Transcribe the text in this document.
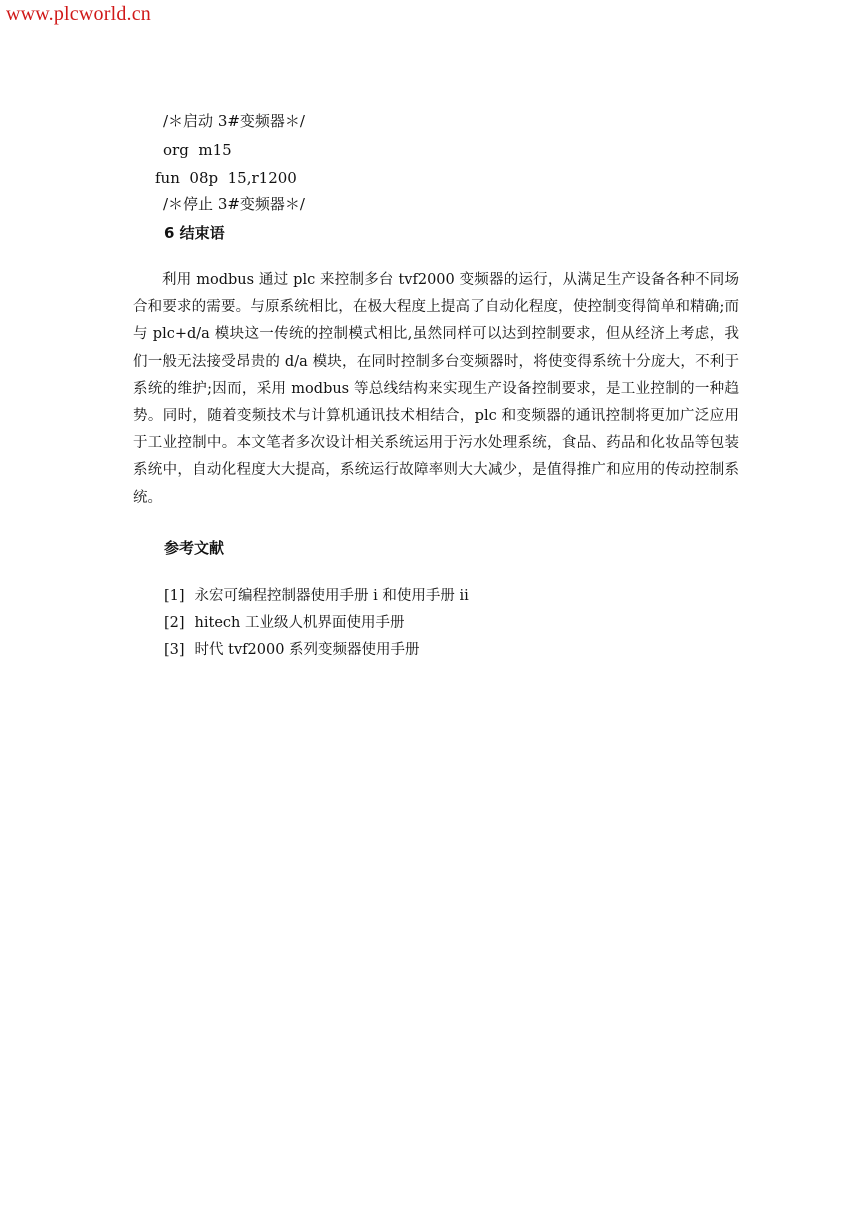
www.plcworld.cn
/＊启动 3#变频器＊/
org  m15
fun  08p  15,r1200
/＊停止 3#变频器＊/
6 结束语
利用 modbus 通过 plc 来控制多台 tvf2000 变频器的运行，从满足生产设备各种不同场合和要求的需要。与原系统相比，在极大程度上提高了自动化程度，使控制变得简单和精确;而与 plc+d/a 模块这一传统的控制模式相比,虽然同样可以达到控制要求，但从经济上考虑，我们一般无法接受昂贵的 d/a 模块，在同时控制多台变频器时，将使变得系统十分庞大，不利于系统的维护;因而，采用 modbus 等总线结构来实现生产设备控制要求，是工业控制的一种趋势。同时，随着变频技术与计算机通讯技术相结合，plc 和变频器的通讯控制将更加广泛应用于工业控制中。本文笔者多次设计相关系统运用于污水处理系统，食品、药品和化妆品等包装系统中，自动化程度大大提高，系统运行故障率则大大减少，是值得推广和应用的传动控制系统。
参考文献
[1] 永宏可编程控制器使用手册 i 和使用手册 ii
[2] hitech 工业级人机界面使用手册
[3] 时代 tvf2000 系列变频器使用手册
